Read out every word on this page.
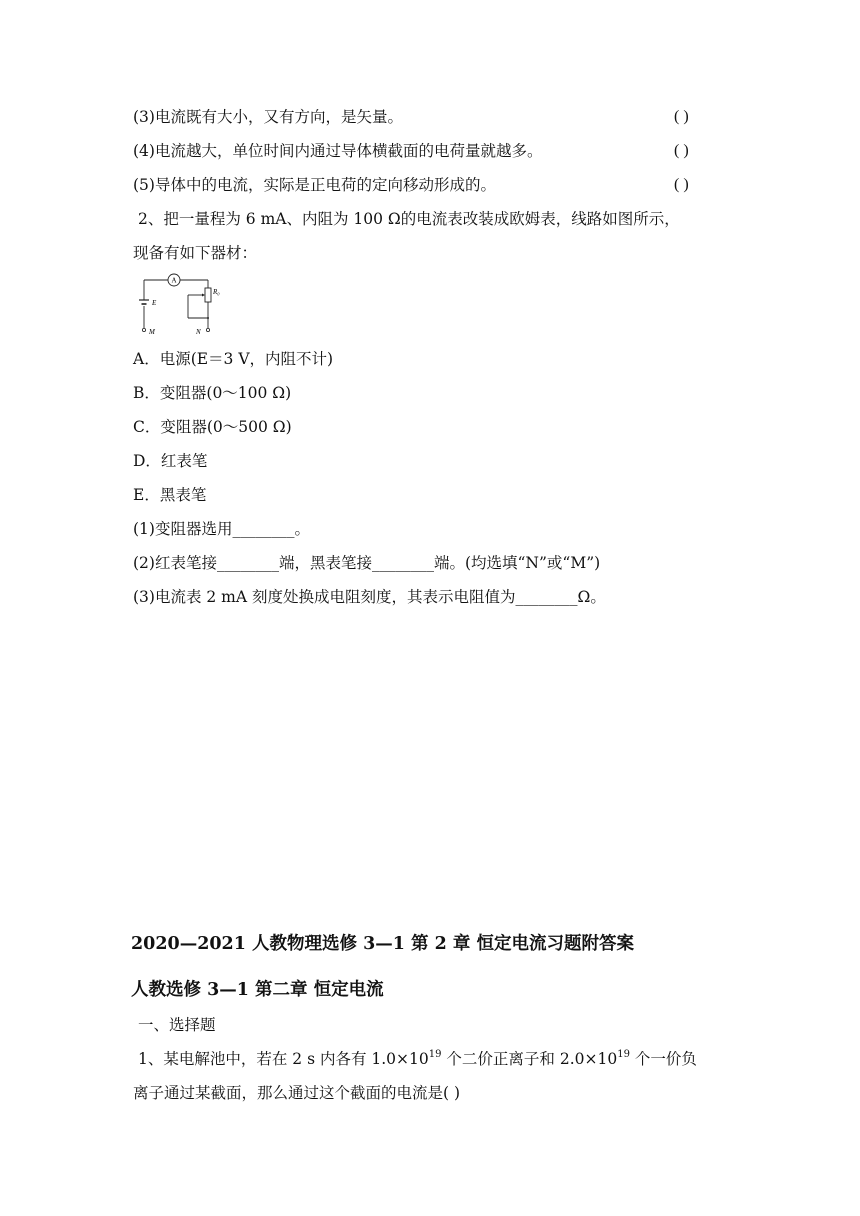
(3)电流既有大小，又有方向，是矢量。	( )
(4)电流越大，单位时间内通过导体横截面的电荷量就越多。	( )
(5)导体中的电流，实际是正电荷的定向移动形成的。	( )
2、把一量程为 6 mA、内阻为 100 Ω的电流表改装成欧姆表，线路如图所示，
现备有如下器材：
A
E
R₀
M	N
A．电源(E＝3 V，内阻不计)
B．变阻器(0～100 Ω)
C．变阻器(0～500 Ω)
D．红表笔
E．黑表笔
(1)变阻器选用________。
(2)红表笔接________端，黑表笔接________端。(均选填“N”或“M”)
(3)电流表 2 mA 刻度处换成电阻刻度，其表示电阻值为________Ω。
2020—2021 人教物理选修 3—1 第 2 章 恒定电流习题附答案
人教选修 3—1 第二章 恒定电流
一、选择题
1、某电解池中，若在 2 s 内各有 $1.0\times 10^{19}$ 个二价正离子和 $2.0\times 10^{19}$ 个一价负
离子通过某截面，那么通过这个截面的电流是( )
